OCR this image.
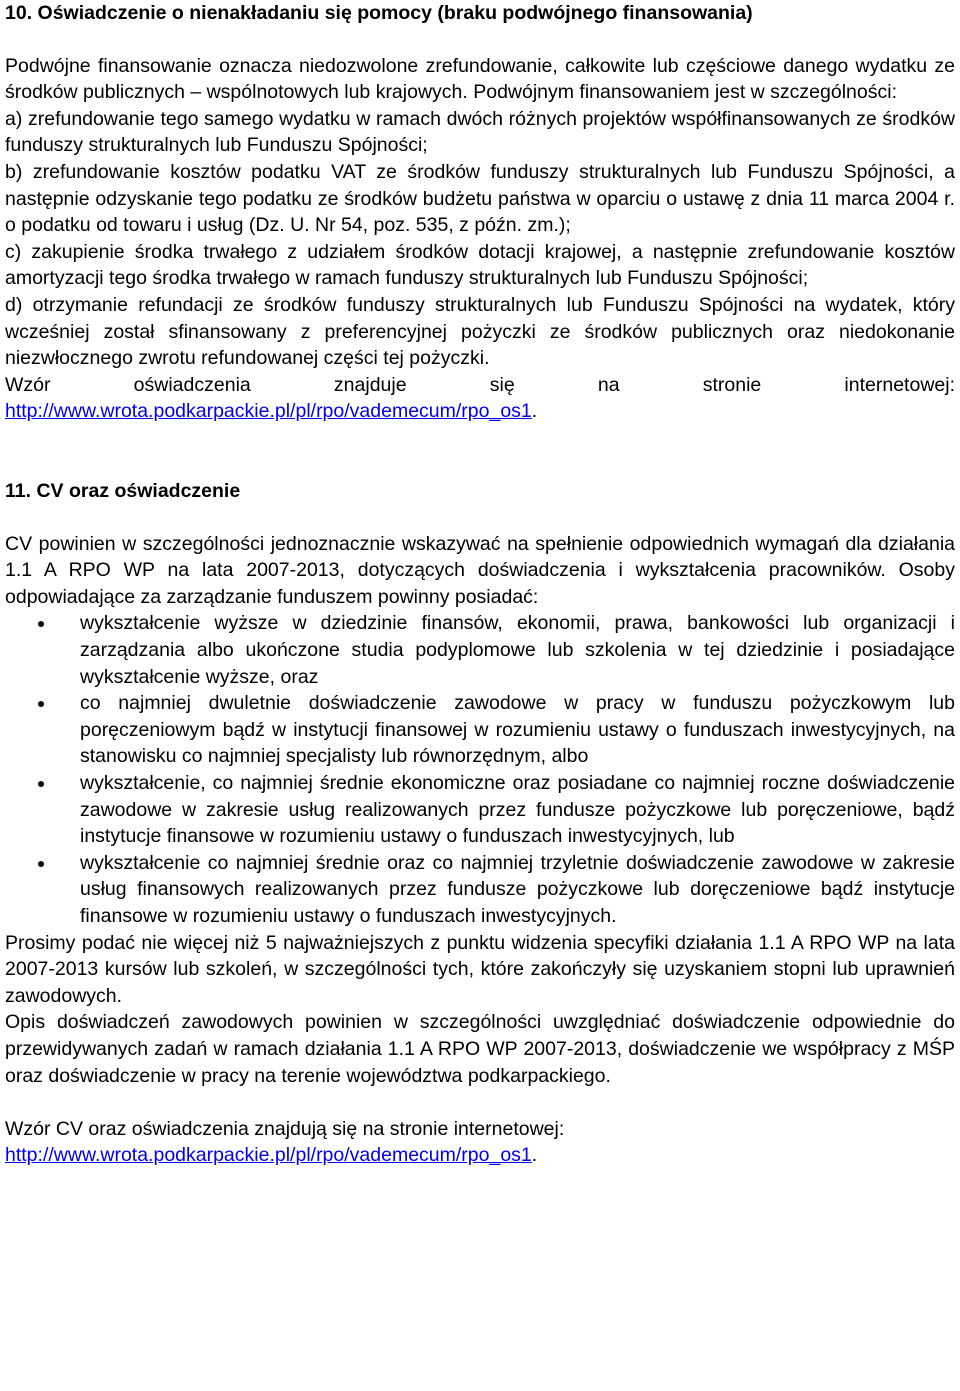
10. Oświadczenie o nienakładaniu się pomocy (braku podwójnego finansowania)

Podwójne finansowanie oznacza niedozwolone zrefundowanie, całkowite lub częściowe danego wydatku ze środków publicznych – wspólnotowych lub krajowych. Podwójnym finansowaniem jest w szczególności:

a) zrefundowanie tego samego wydatku w ramach dwóch różnych projektów współfinansowanych ze środków funduszy strukturalnych lub Funduszu Spójności;

b) zrefundowanie kosztów podatku VAT ze środków funduszy strukturalnych lub Funduszu Spójności, a następnie odzyskanie tego podatku ze środków budżetu państwa w oparciu o ustawę z dnia 11 marca 2004 r. o podatku od towaru i usług (Dz. U. Nr 54, poz. 535, z późn. zm.);

c) zakupienie środka trwałego z udziałem środków dotacji krajowej, a następnie zrefundowanie kosztów amortyzacji tego środka trwałego w ramach funduszy strukturalnych lub Funduszu Spójności;

d) otrzymanie refundacji ze środków funduszy strukturalnych lub Funduszu Spójności na wydatek, który wcześniej został sfinansowany z preferencyjnej pożyczki ze środków publicznych oraz niedokonanie niezwłocznego zwrotu refundowanej części tej pożyczki.

Wzór oświadczenia znajduje się na stronie internetowej:

http://www.wrota.podkarpackie.pl/pl/rpo/vademecum/rpo_os1.

11. CV oraz oświadczenie

CV powinien w szczególności jednoznacznie wskazywać na spełnienie odpowiednich wymagań dla działania 1.1 A RPO WP na lata 2007-2013, dotyczących doświadczenia i wykształcenia pracowników. Osoby odpowiadające za zarządzanie funduszem powinny posiadać:

wykształcenie wyższe w dziedzinie finansów, ekonomii, prawa, bankowości lub organizacji i zarządzania albo ukończone studia podyplomowe lub szkolenia w tej dziedzinie i posiadające wykształcenie wyższe, oraz
co najmniej dwuletnie doświadczenie zawodowe w pracy w funduszu pożyczkowym lub poręczeniowym bądź w instytucji finansowej w rozumieniu ustawy o funduszach inwestycyjnych, na stanowisku co najmniej specjalisty lub równorzędnym, albo
wykształcenie, co najmniej średnie ekonomiczne oraz posiadane co najmniej roczne doświadczenie zawodowe w zakresie usług realizowanych przez fundusze pożyczkowe lub poręczeniowe, bądź instytucje finansowe w rozumieniu ustawy o funduszach inwestycyjnych, lub
wykształcenie co najmniej średnie oraz co najmniej trzyletnie doświadczenie zawodowe w zakresie usług finansowych realizowanych przez fundusze pożyczkowe lub doręczeniowe bądź instytucje finansowe w rozumieniu ustawy o funduszach inwestycyjnych.

Prosimy podać nie więcej niż 5 najważniejszych z punktu widzenia specyfiki działania 1.1 A RPO WP na lata 2007-2013 kursów lub szkoleń, w szczególności tych, które zakończyły się uzyskaniem stopni lub uprawnień zawodowych.

Opis doświadczeń zawodowych powinien w szczególności uwzględniać doświadczenie odpowiednie do przewidywanych zadań w ramach działania 1.1 A RPO WP 2007-2013, doświadczenie we współpracy z MŚP oraz doświadczenie w pracy na terenie województwa podkarpackiego.

Wzór CV oraz oświadczenia znajdują się na stronie internetowej:

http://www.wrota.podkarpackie.pl/pl/rpo/vademecum/rpo_os1.
